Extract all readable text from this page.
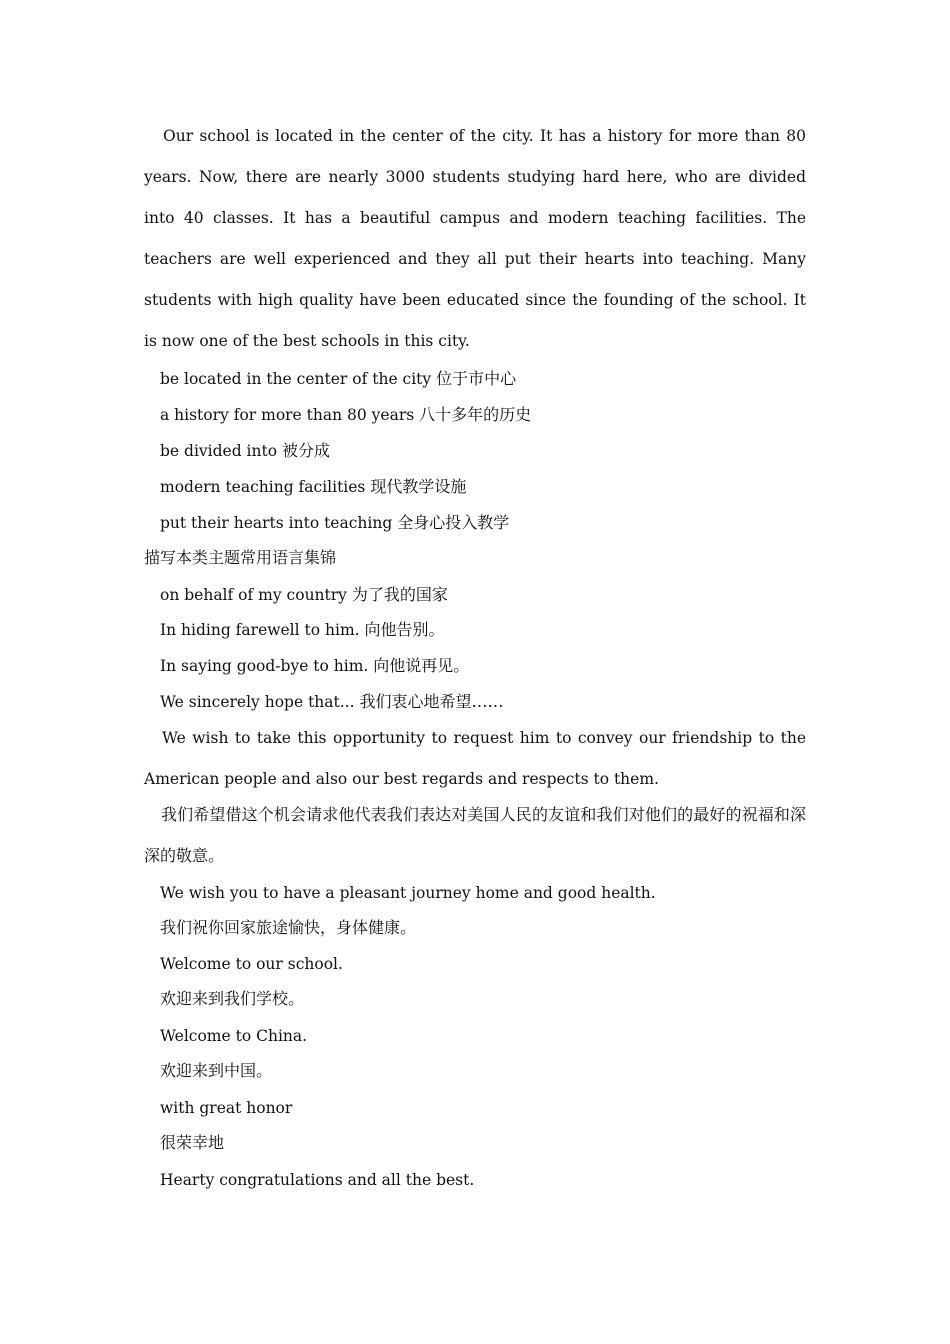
Our school is located in the center of the city. It has a history for more than 80 years. Now, there are nearly 3000 students studying hard here, who are divided into 40 classes. It has a beautiful campus and modern teaching facilities. The teachers are well experienced and they all put their hearts into teaching. Many students with high quality have been educated since the founding of the school. It is now one of the best schools in this city.

be located in the center of the city 位于市中心
a history for more than 80 years 八十多年的历史
be divided into 被分成
modern teaching facilities 现代教学设施
put their hearts into teaching 全身心投入教学
描写本类主题常用语言集锦
on behalf of my country 为了我的国家
In hiding farewell to him. 向他告别。
In saying good-bye to him. 向他说再见。
We sincerely hope that... 我们衷心地希望……

We wish to take this opportunity to request him to convey our friendship to the American people and also our best regards and respects to them.

我们希望借这个机会请求他代表我们表达对美国人民的友谊和我们对他们的最好的祝福和深深的敬意。

We wish you to have a pleasant journey home and good health.
我们祝你回家旅途愉快，身体健康。
Welcome to our school.
欢迎来到我们学校。
Welcome to China.
欢迎来到中国。
with great honor
很荣幸地
Hearty congratulations and all the best.
